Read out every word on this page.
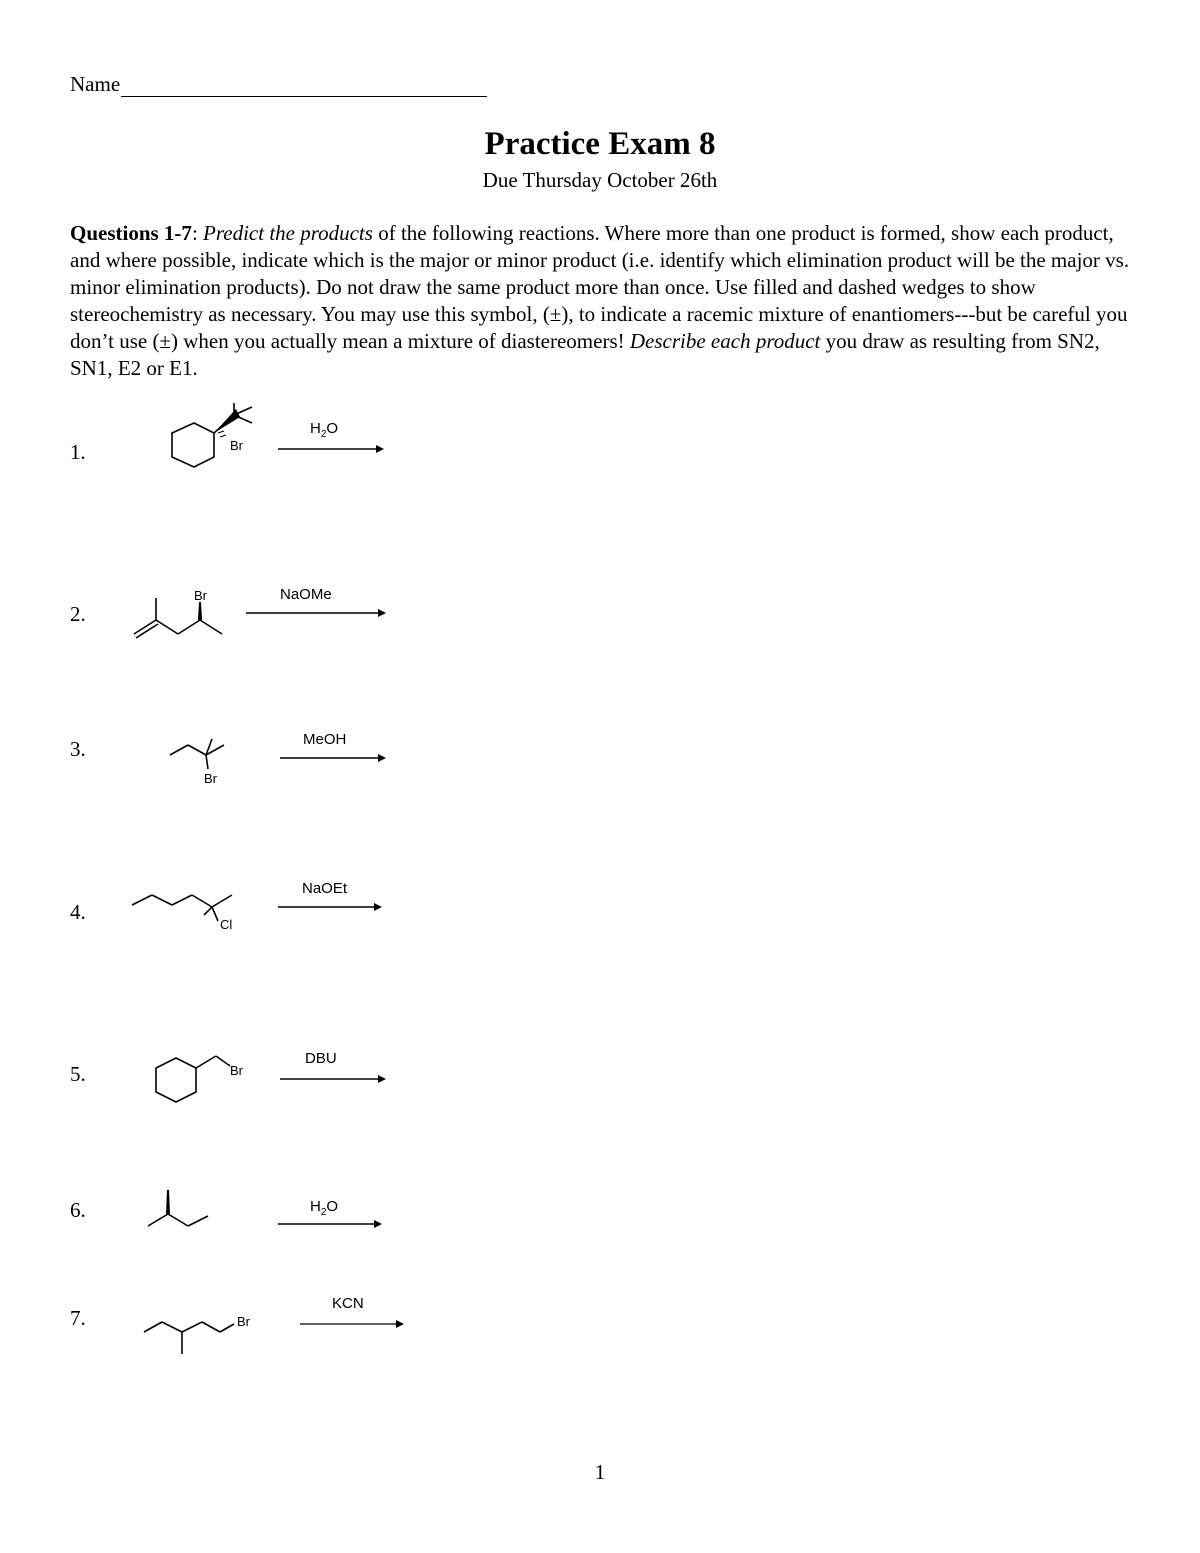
Name
Practice Exam 8
Due Thursday October 26th
Questions 1-7: Predict the products of the following reactions. Where more than one product is formed, show each product, and where possible, indicate which is the major or minor product (i.e. identify which elimination product will be the major vs. minor elimination products). Do not draw the same product more than once. Use filled and dashed wedges to show stereochemistry as necessary. You may use this symbol, (±), to indicate a racemic mixture of enantiomers---but be careful you don’t use (±) when you actually mean a mixture of diastereomers! Describe each product you draw as resulting from SN2, SN1, E2 or E1.
1.	Br
$H_2O$
2.
Br	NaOMe
3.
Br
MeOH
4.
Cl
NaOEt
5.	Br
DBU
6.	$H_2O$
7.	Br
KCN
1
